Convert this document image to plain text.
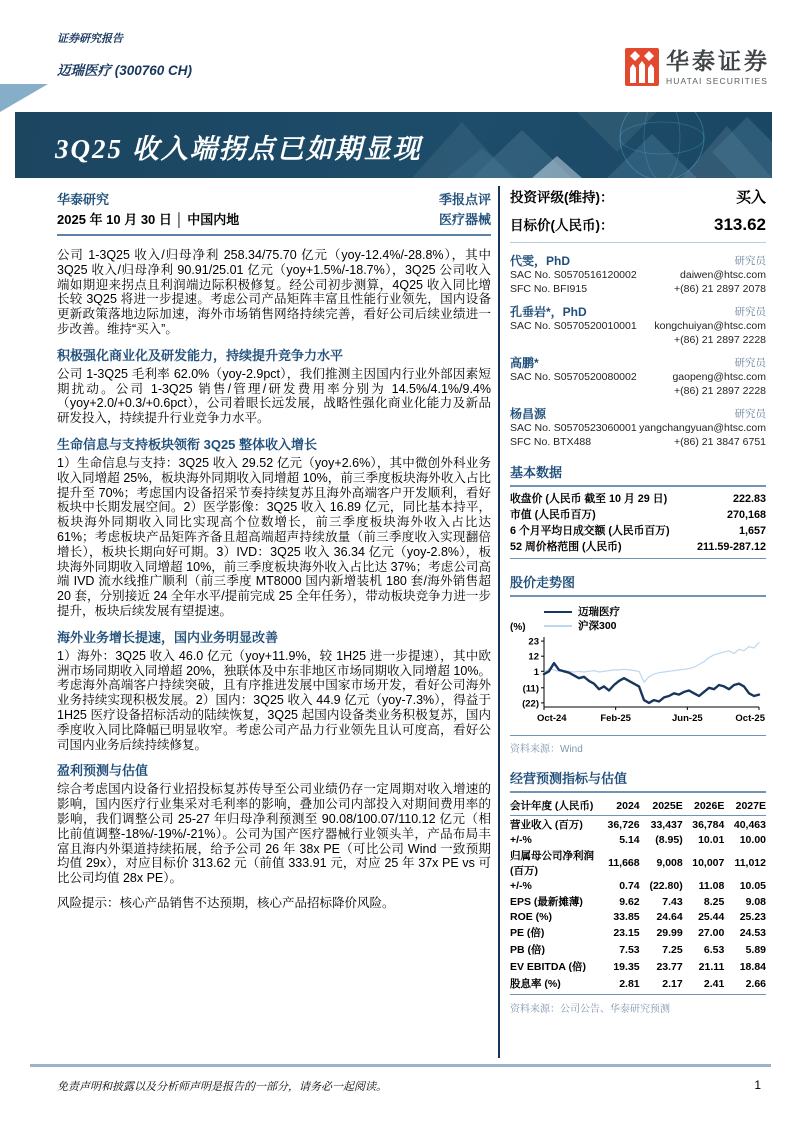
证券研究报告
迈瑞医疗 (300760 CH)	华泰证券
HUATAI SECURITIES
3Q25 收入端拐点已如期显现
华泰研究	季报点评
2025 年 10 月 30 日 │ 中国内地	医疗器械

公司 1-3Q25 收入/归母净利 258.34/75.70 亿元（yoy-12.4%/-28.8%），其中 3Q25 收入/归母净利 90.91/25.01 亿元（yoy+1.5%/-18.7%），3Q25 公司收入端如期迎来拐点且利润端边际积极修复。经公司初步测算，4Q25 收入同比增长较 3Q25 将进一步提速。考虑公司产品矩阵丰富且性能行业领先，国内设备更新政策落地边际加速，海外市场销售网络持续完善，看好公司后续业绩进一步改善。维持“买入”。

积极强化商业化及研发能力，持续提升竞争力水平

公司 1-3Q25 毛利率 62.0%（yoy-2.9pct），我们推测主因国内行业外部因素短期扰动。公司 1-3Q25 销售/管理/研发费用率分别为 14.5%/4.1%/9.4%（yoy+2.0/+0.3/+0.6pct），公司着眼长远发展，战略性强化商业化能力及新品研发投入，持续提升行业竞争力水平。

生命信息与支持板块领衔 3Q25 整体收入增长

1）生命信息与支持：3Q25 收入 29.52 亿元（yoy+2.6%），其中微创外科业务收入同增超 25%，板块海外同期收入同增超 10%，前三季度板块海外收入占比提升至 70%；考虑国内设备招采节奏持续复苏且海外高端客户开发顺利，看好板块中长期发展空间。2）医学影像：3Q25 收入 16.89 亿元，同比基本持平，板块海外同期收入同比实现高个位数增长，前三季度板块海外收入占比达 61%；考虑板块产品矩阵齐备且超高端超声持续放量（前三季度收入实现翻倍增长），板块长期向好可期。3）IVD：3Q25 收入 36.34 亿元（yoy-2.8%），板块海外同期收入同增超 10%，前三季度板块海外收入占比达 37%；考虑公司高端 IVD 流水线推广顺利（前三季度 MT8000 国内新增装机 180 套/海外销售超 20 套，分别接近 24 全年水平/提前完成 25 全年任务），带动板块竞争力进一步提升，板块后续发展有望提速。

海外业务增长提速，国内业务明显改善

1）海外：3Q25 收入 46.0 亿元（yoy+11.9%，较 1H25 进一步提速），其中欧洲市场同期收入同增超 20%，独联体及中东非地区市场同期收入同增超 10%。考虑海外高端客户持续突破，且有序推进发展中国家市场开发，看好公司海外业务持续实现积极发展。2）国内：3Q25 收入 44.9 亿元（yoy-7.3%），得益于 1H25 医疗设备招标活动的陆续恢复，3Q25 起国内设备类业务积极复苏，国内季度收入同比降幅已明显收窄。考虑公司产品力行业领先且认可度高，看好公司国内业务后续持续修复。

盈利预测与估值

综合考虑国内设备行业招投标复苏传导至公司业绩仍存一定周期对收入增速的影响，国内医疗行业集采对毛利率的影响，叠加公司内部投入对期间费用率的影响，我们调整公司 25-27 年归母净利预测至 90.08/100.07/110.12 亿元（相比前值调整-18%/-19%/-21%）。公司为国产医疗器械行业领头羊，产品布局丰富且海内外渠道持续拓展，给予公司 26 年 38x PE（可比公司 Wind 一致预期均值 29x），对应目标价 313.62 元（前值 333.91 元，对应 25 年 37x PE vs 可比公司均值 28x PE）。

风险提示：核心产品销售不达预期，核心产品招标降价风险。

投资评级(维持)：	买入
目标价(人民币)：	313.62
代雯，PhD	研究员
SAC No. S0570516120002	daiwen@htsc.com
SFC No. BFI915	+(86) 21 2897 2078
孔垂岩*，PhD	研究员
SAC No. S0570520010001 kongchuiyan@htsc.com
+(86) 21 2897 2228
高鹏*	研究员
SAC No. S0570520080002	gaopeng@htsc.com
+(86) 21 2897 2228
杨昌源	研究员
SAC No. S0570523060001 yangchangyuan@htsc.com
SFC No. BTX488	+(86) 21 3847 6751
基本数据
收盘价 (人民币 截至 10 月 29 日)	222.83
市值 (人民币百万)	270,168
6 个月平均日成交额 (人民币百万)	1,657
52 周价格范围 (人民币)	211.59-287.12
股价走势图
(%)
迈瑞医疗
沪深300
23
12
1
(11)
(22)
Oct-24	Feb-25	Jun-25	Oct-25
资料来源：Wind
经营预测指标与估值
会计年度 (人民币)	2024	2025E	2026E	2027E
营业收入 (百万)	36,726	33,437	36,784	40,463
+/-%	5.14	(8.95)	10.01	10.00
归属母公司净利润 (百万)	11,668	9,008	10,007	11,012
+/-%	0.74	(22.80)	11.08	10.05
EPS (最新摊薄)	9.62	7.43	8.25	9.08
ROE (%)	33.85	24.64	25.44	25.23
PE (倍)	23.15	29.99	27.00	24.53
PB (倍)	7.53	7.25	6.53	5.89
EV EBITDA (倍)	19.35	23.77	21.11	18.84
股息率 (%)	2.81	2.17	2.41	2.66
资料来源：公司公告、华泰研究预测
免责声明和披露以及分析师声明是报告的一部分，请务必一起阅读。	1
